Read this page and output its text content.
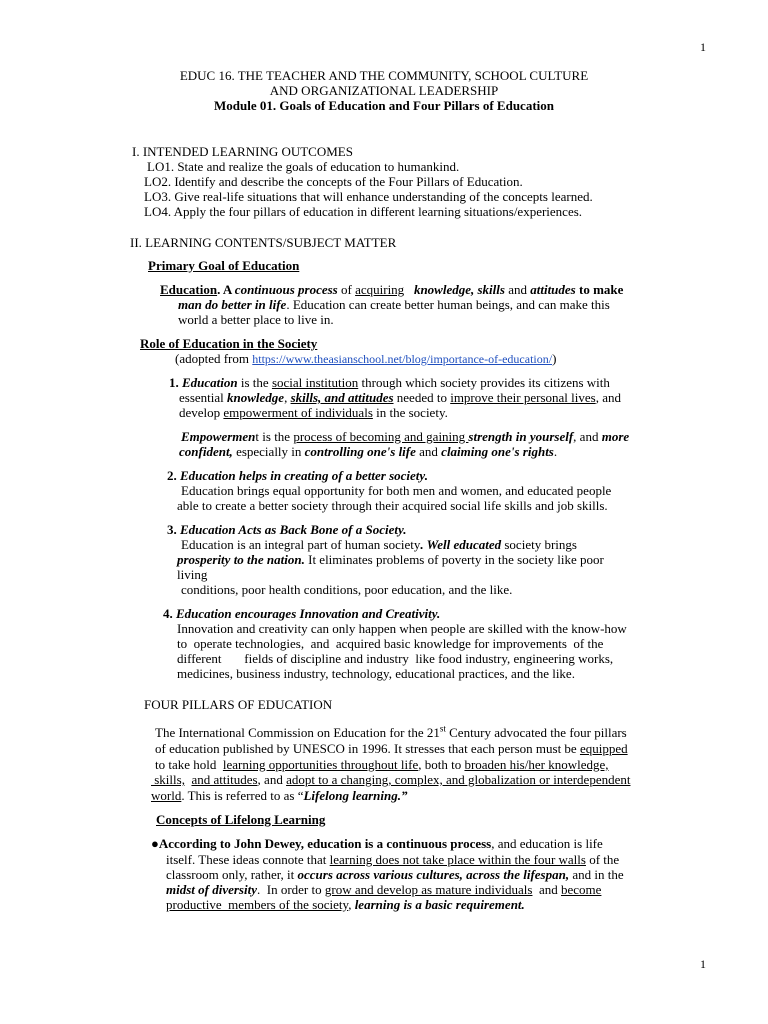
1
1
EDUC 16. THE TEACHER AND THE COMMUNITY, SCHOOL CULTURE
AND ORGANIZATIONAL LEADERSHIP
Module 01. Goals of Education and Four Pillars of Education
I. INTENDED LEARNING OUTCOMES
LO1. State and realize the goals of education to humankind.
LO2. Identify and describe the concepts of the Four Pillars of Education.
LO3. Give real-life situations that will enhance understanding of the concepts learned.
LO4. Apply the four pillars of education in different learning situations/experiences.
II. LEARNING CONTENTS/SUBJECT MATTER
Primary Goal of Education
Education. A continuous process of acquiring knowledge, skills and attitudes to make
man do better in life. Education can create better human beings, and can make this
world a better place to live in.
Role of Education in the Society
(adopted from https://www.theasianschool.net/blog/importance-of-education/)
1. Education is the social institution through which society provides its citizens with
essential knowledge, skills, and attitudes needed to improve their personal lives, and
develop empowerment of individuals in the society.
Empowerment is the process of becoming and gaining strength in yourself, and more
confident, especially in controlling one's life and claiming one's rights.
2. Education helps in creating of a better society.
Education brings equal opportunity for both men and women, and educated people
able to create a better society through their acquired social life skills and job skills.
3. Education Acts as Back Bone of a Society.
Education is an integral part of human society. Well educated society brings
prosperity to the nation. It eliminates problems of poverty in the society like poor
living
conditions, poor health conditions, poor education, and the like.
4. Education encourages Innovation and Creativity.
Innovation and creativity can only happen when people are skilled with the know-how
to  operate technologies,  and  acquired basic knowledge for improvements  of the
different       fields of discipline and industry  like food industry, engineering works,
medicines, business industry, technology, educational practices, and the like.
FOUR PILLARS OF EDUCATION
The International Commission on Education for the 21st Century advocated the four pillars
of education published by UNESCO in 1996. It stresses that each person must be equipped
to take hold  learning opportunities throughout life, both to broaden his/her knowledge,
skills, and attitudes, and adopt to a changing, complex, and globalization or interdependent
world. This is referred to as “Lifelong learning.”
Concepts of Lifelong Learning
●According to John Dewey, education is a continuous process, and education is life
itself. These ideas connote that learning does not take place within the four walls of the
classroom only, rather, it occurs across various cultures, across the lifespan, and in the
midst of diversity.  In order to grow and develop as mature individuals  and become
productive  members of the society, learning is a basic requirement.
